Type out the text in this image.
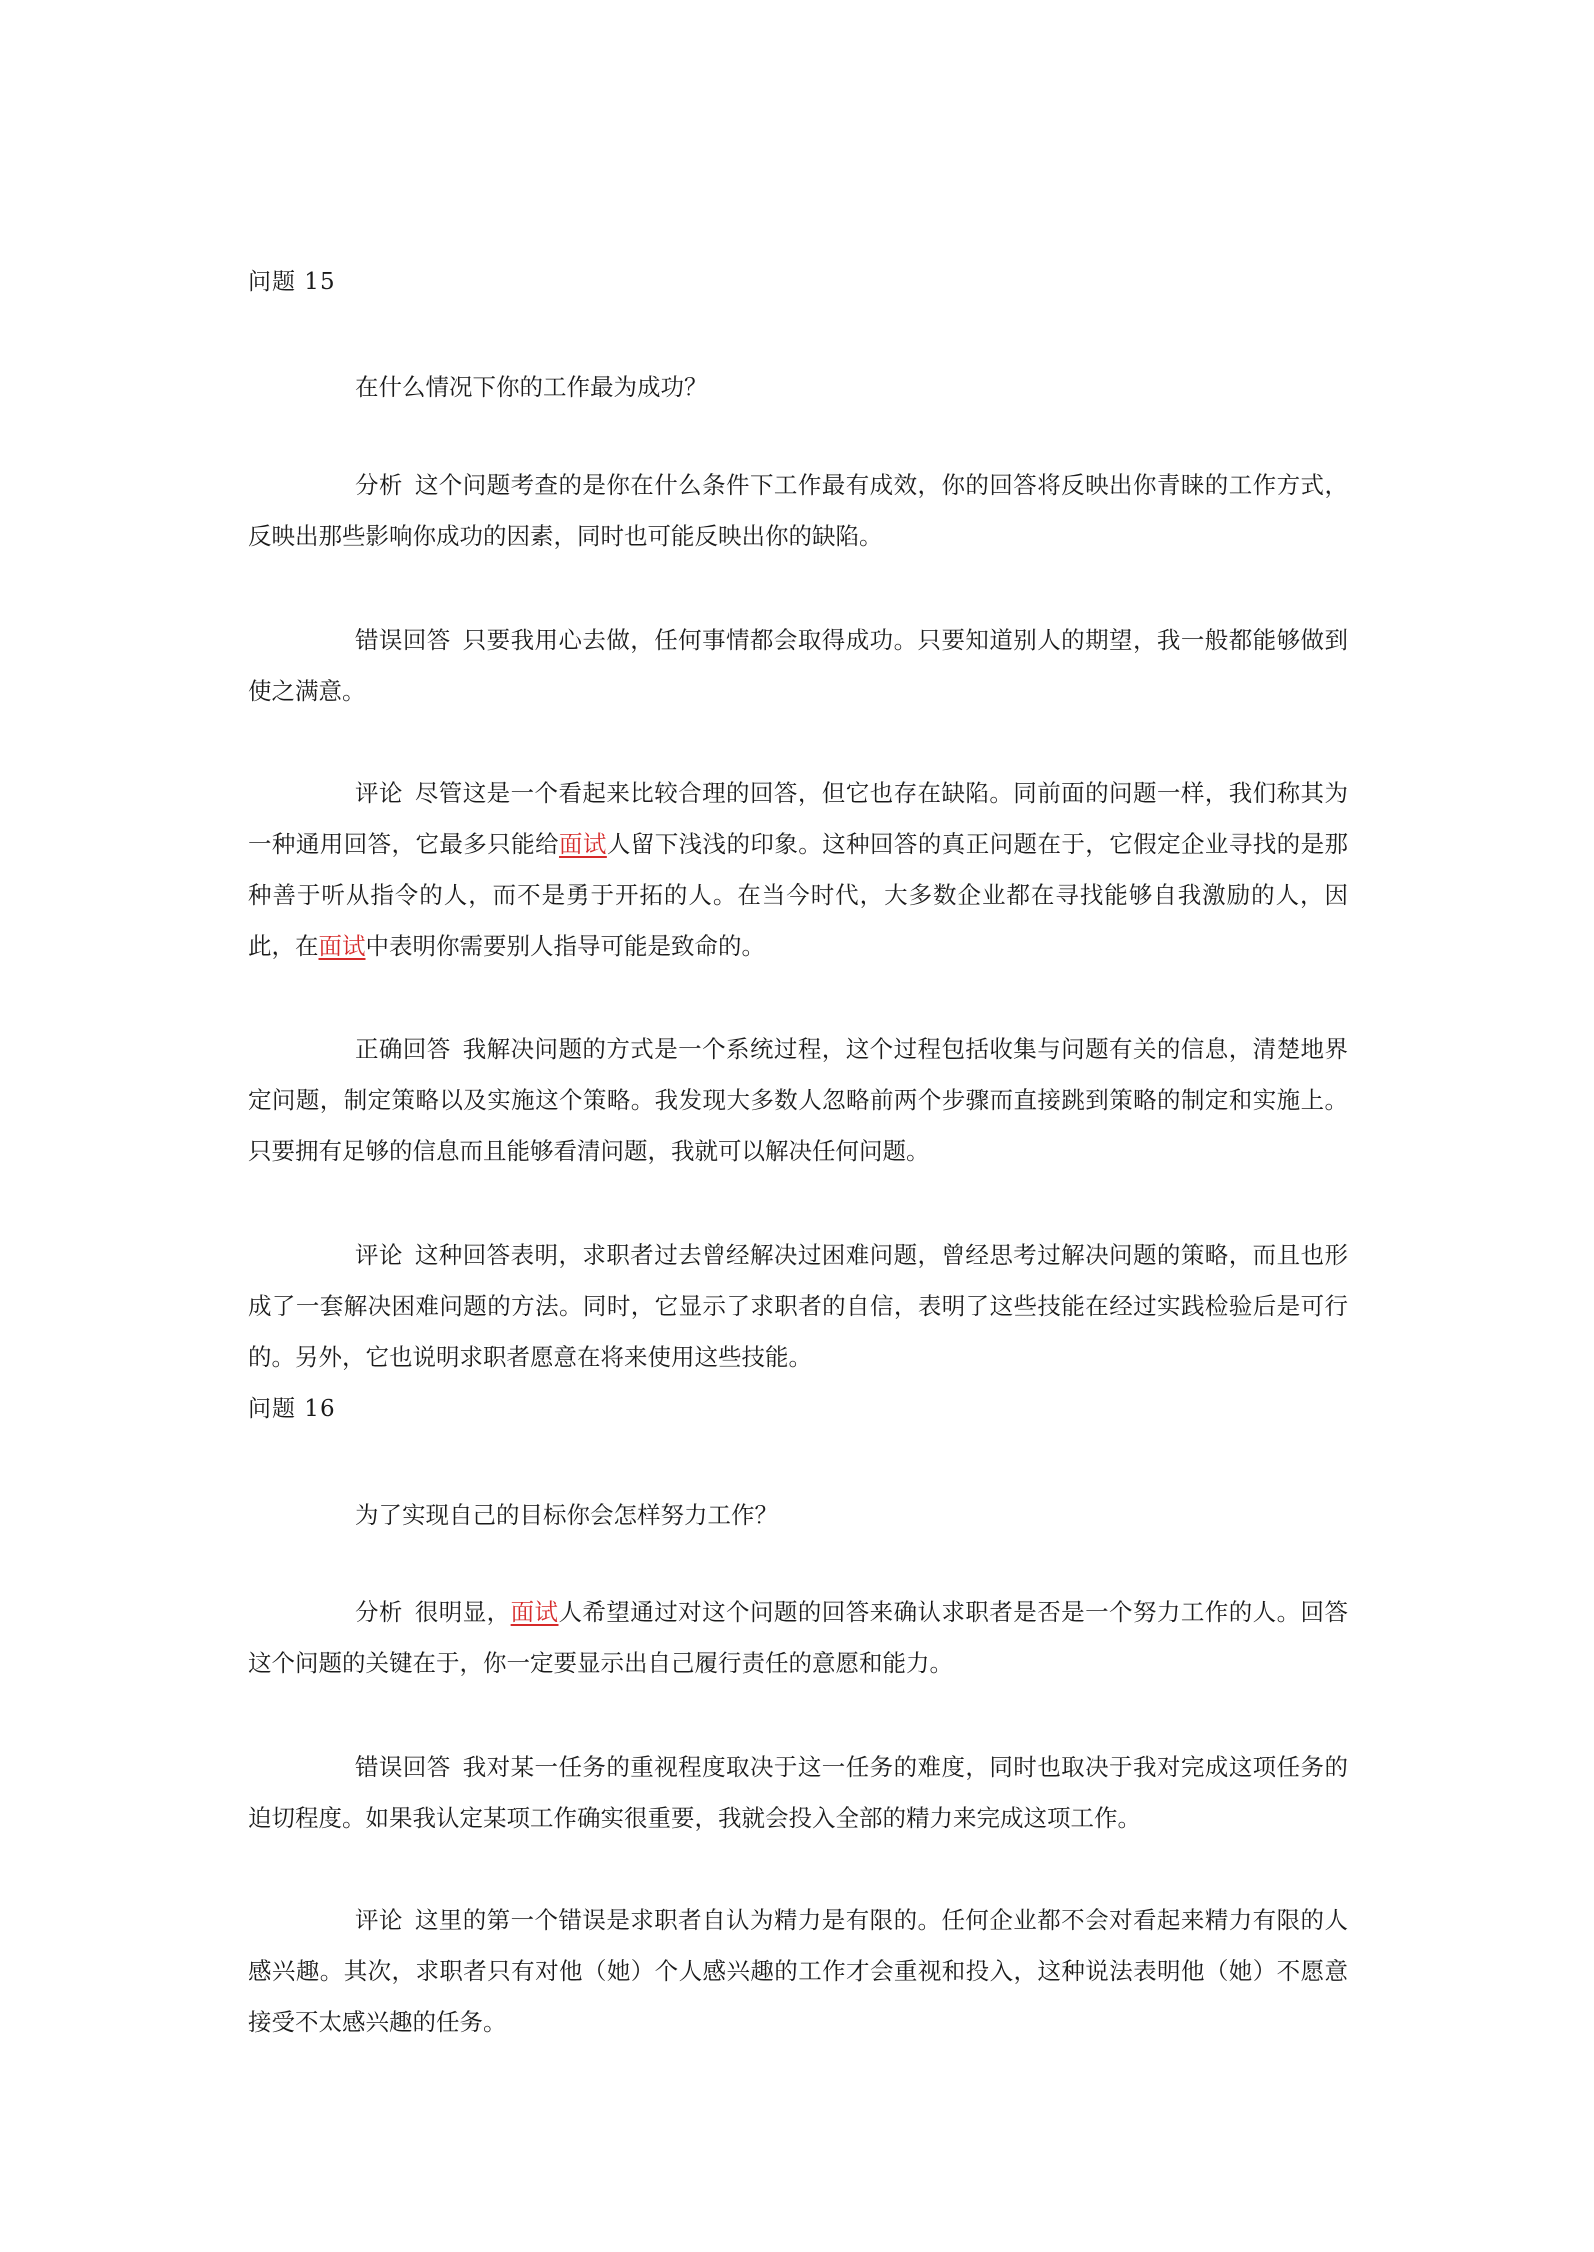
问题 15
在什么情况下你的工作最为成功？
分析 这个问题考查的是你在什么条件下工作最有成效，你的回答将反映出你青睐的工作方式，反映出那些影响你成功的因素，同时也可能反映出你的缺陷。
错误回答 只要我用心去做，任何事情都会取得成功。只要知道别人的期望，我一般都能够做到使之满意。
评论 尽管这是一个看起来比较合理的回答，但它也存在缺陷。同前面的问题一样，我们称其为一种通用回答，它最多只能给面试人留下浅浅的印象。这种回答的真正问题在于，它假定企业寻找的是那种善于听从指令的人，而不是勇于开拓的人。在当今时代，大多数企业都在寻找能够自我激励的人，因此，在面试中表明你需要别人指导可能是致命的。
正确回答 我解决问题的方式是一个系统过程，这个过程包括收集与问题有关的信息，清楚地界定问题，制定策略以及实施这个策略。我发现大多数人忽略前两个步骤而直接跳到策略的制定和实施上。只要拥有足够的信息而且能够看清问题，我就可以解决任何问题。
评论 这种回答表明，求职者过去曾经解决过困难问题，曾经思考过解决问题的策略，而且也形成了一套解决困难问题的方法。同时，它显示了求职者的自信，表明了这些技能在经过实践检验后是可行的。另外，它也说明求职者愿意在将来使用这些技能。
问题 16
为了实现自己的目标你会怎样努力工作？
分析 很明显，面试人希望通过对这个问题的回答来确认求职者是否是一个努力工作的人。回答这个问题的关键在于，你一定要显示出自己履行责任的意愿和能力。
错误回答 我对某一任务的重视程度取决于这一任务的难度，同时也取决于我对完成这项任务的迫切程度。如果我认定某项工作确实很重要，我就会投入全部的精力来完成这项工作。
评论 这里的第一个错误是求职者自认为精力是有限的。任何企业都不会对看起来精力有限的人感兴趣。其次，求职者只有对他（她）个人感兴趣的工作才会重视和投入，这种说法表明他（她）不愿意接受不太感兴趣的任务。
